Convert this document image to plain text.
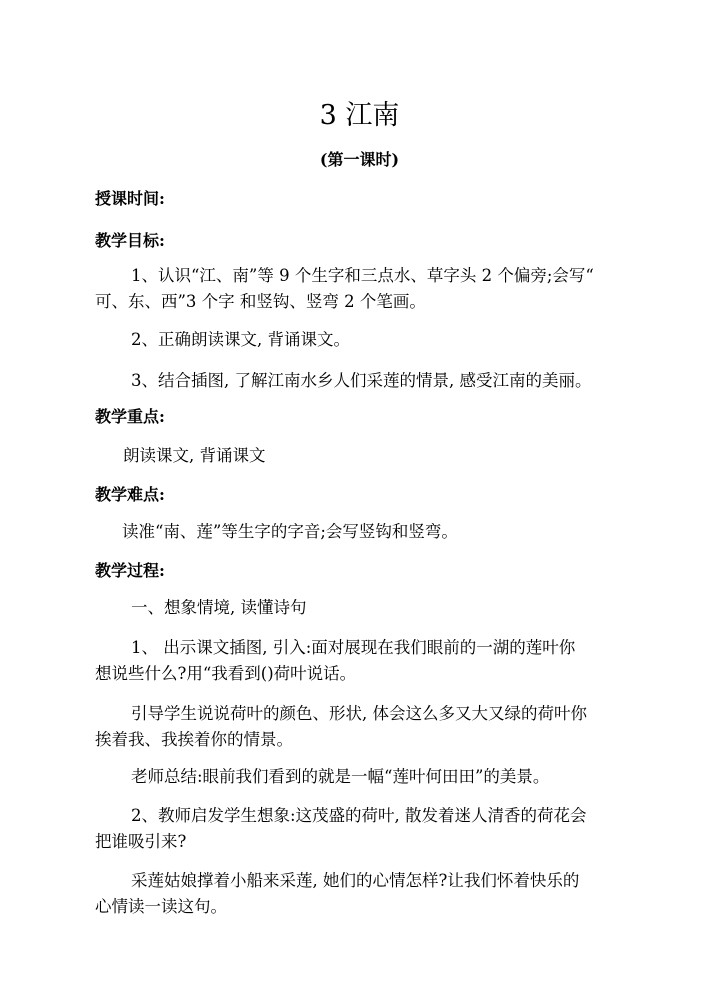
3 江南
(第一课时)
授课时间:
教学目标:
1、认识“江、南”等 9 个生字和三点水、草字头 2 个偏旁;会写“
可、东、西”3 个字 和竖钩、竖弯 2 个笔画。
2、正确朗读课文, 背诵课文。
3、结合插图, 了解江南水乡人们采莲的情景, 感受江南的美丽。
教学重点:
朗读课文, 背诵课文
教学难点:
读准“南、莲”等生字的字音;会写竖钩和竖弯。
教学过程:
一、想象情境, 读懂诗句
1、 出示课文插图, 引入:面对展现在我们眼前的一湖的莲叶你
想说些什么?用“我看到()荷叶说话。
引导学生说说荷叶的颜色、形状, 体会这么多又大又绿的荷叶你
挨着我、我挨着你的情景。
老师总结:眼前我们看到的就是一幅“莲叶何田田”的美景。
2、教师启发学生想象:这茂盛的荷叶, 散发着迷人清香的荷花会
把谁吸引来?
采莲姑娘撑着小船来采莲, 她们的心情怎样?让我们怀着快乐的
心情读一读这句。
